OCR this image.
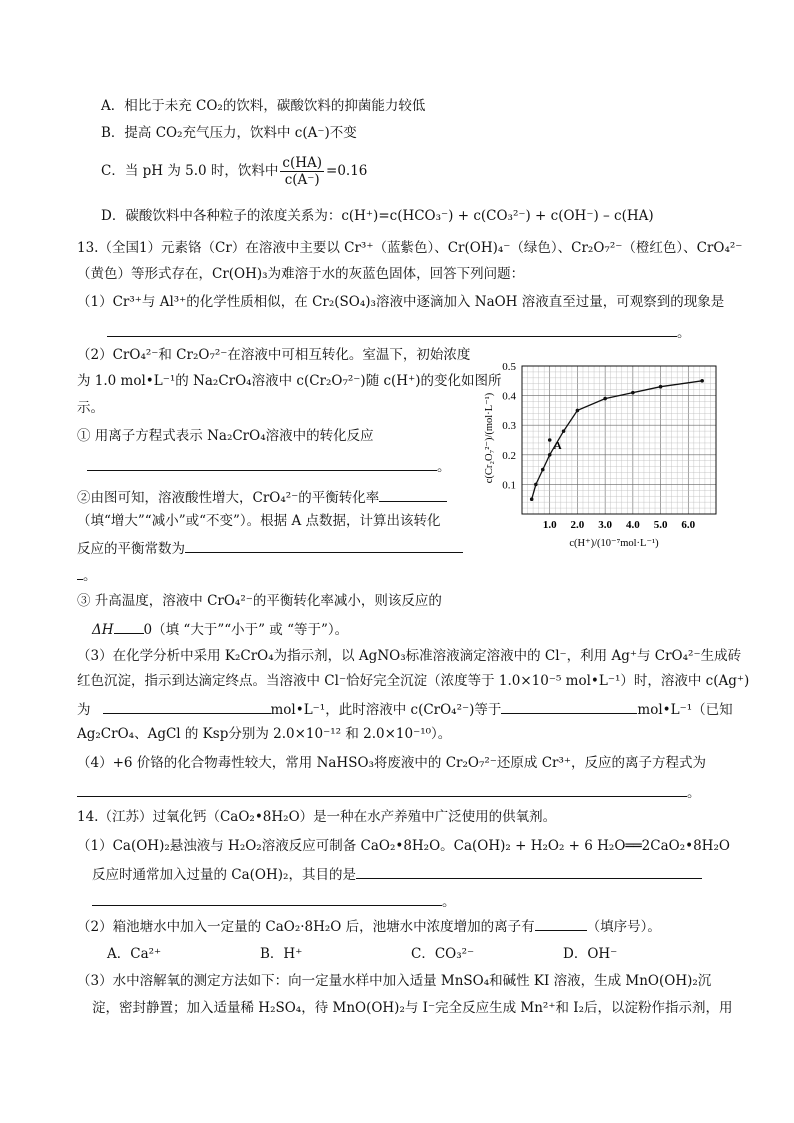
A．相比于未充 CO₂的饮料，碳酸饮料的抑菌能力较低
B．提高 CO₂充气压力，饮料中 c(A⁻)不变
C．当 pH 为 5.0 时，饮料中 $\frac{c(HA)}{c(A^-)} =0.16$
D．碳酸饮料中各种粒子的浓度关系为：c(H⁺)=c(HCO₃⁻) + c(CO₃²⁻) + c(OH⁻) – c(HA)
13.（全国1）元素铬（Cr）在溶液中主要以 Cr³⁺（蓝紫色）、Cr(OH)₄⁻（绿色）、Cr₂O₇²⁻（橙红色）、CrO₄²⁻
（黄色）等形式存在，Cr(OH)₃为难溶于水的灰蓝色固体，回答下列问题：
（1）Cr³⁺与 Al³⁺的化学性质相似，在 Cr₂(SO₄)₃溶液中逐滴加入 NaOH 溶液直至过量，可观察到的现象是
。
（2）CrO₄²⁻和 Cr₂O₇²⁻在溶液中可相互转化。室温下，初始浓度
为 1.0 mol•L⁻¹的 Na₂CrO₄溶液中 c(Cr₂O₇²⁻)随 c(H⁺)的变化如图所
示。
① 用离子方程式表示 Na₂CrO₄溶液中的转化反应
。
②由图可知，溶液酸性增大，CrO₄²⁻的平衡转化率
（填“增大”“减小”或“不变”）。根据 A 点数据，计算出该转化
反应的平衡常数为
。
③ 升高温度，溶液中 CrO₄²⁻的平衡转化率减小，则该反应的
ΔH 0（填 “大于”“小于” 或 “等于”）。
（3）在化学分析中采用 K₂CrO₄为指示剂，以 AgNO₃标准溶液滴定溶液中的 Cl⁻，利用 Ag⁺与 CrO₄²⁻生成砖
红色沉淀，指示到达滴定终点。当溶液中 Cl⁻恰好完全沉淀（浓度等于 1.0×10⁻⁵ mol•L⁻¹）时，溶液中 c(Ag⁺)
为	mol•L⁻¹，此时溶液中 c(CrO₄²⁻)等于	mol•L⁻¹（已知
Ag₂CrO₄、AgCl 的 Ksp分别为 2.0×10⁻¹² 和 2.0×10⁻¹⁰）。
（4）+6 价铬的化合物毒性较大，常用 NaHSO₃将废液中的 Cr₂O₇²⁻还原成 Cr³⁺，反应的离子方程式为
。
14.（江苏）过氧化钙（CaO₂•8H₂O）是一种在水产养殖中广泛使用的供氧剂。
（1）Ca(OH)₂悬浊液与 H₂O₂溶液反应可制备 CaO₂•8H₂O。Ca(OH)₂ + H₂O₂ + 6 H₂O══2CaO₂•8H₂O
反应时通常加入过量的 Ca(OH)₂，其目的是
。
（2）箱池塘水中加入一定量的 CaO₂·8H₂O 后，池塘水中浓度增加的离子有	（填序号）。
A．Ca²⁺	B．H⁺	C．CO₃²⁻	D．OH⁻
（3）水中溶解氧的测定方法如下：向一定量水样中加入适量 MnSO₄和碱性 KI 溶液，生成 MnO(OH)₂沉
淀，密封静置；加入适量稀 H₂SO₄，待 MnO(OH)₂与 I⁻完全反应生成 Mn²⁺和 I₂后，以淀粉作指示剂，用
0.1
0.2
0.3
0.4
0.5
1.0 2.0 3.0 4.0 5.0 6.0
A
c(Cr₂O₇²⁻)/(mol·L⁻¹)
c(H⁺)/(10⁻⁷mol·L⁻¹)
